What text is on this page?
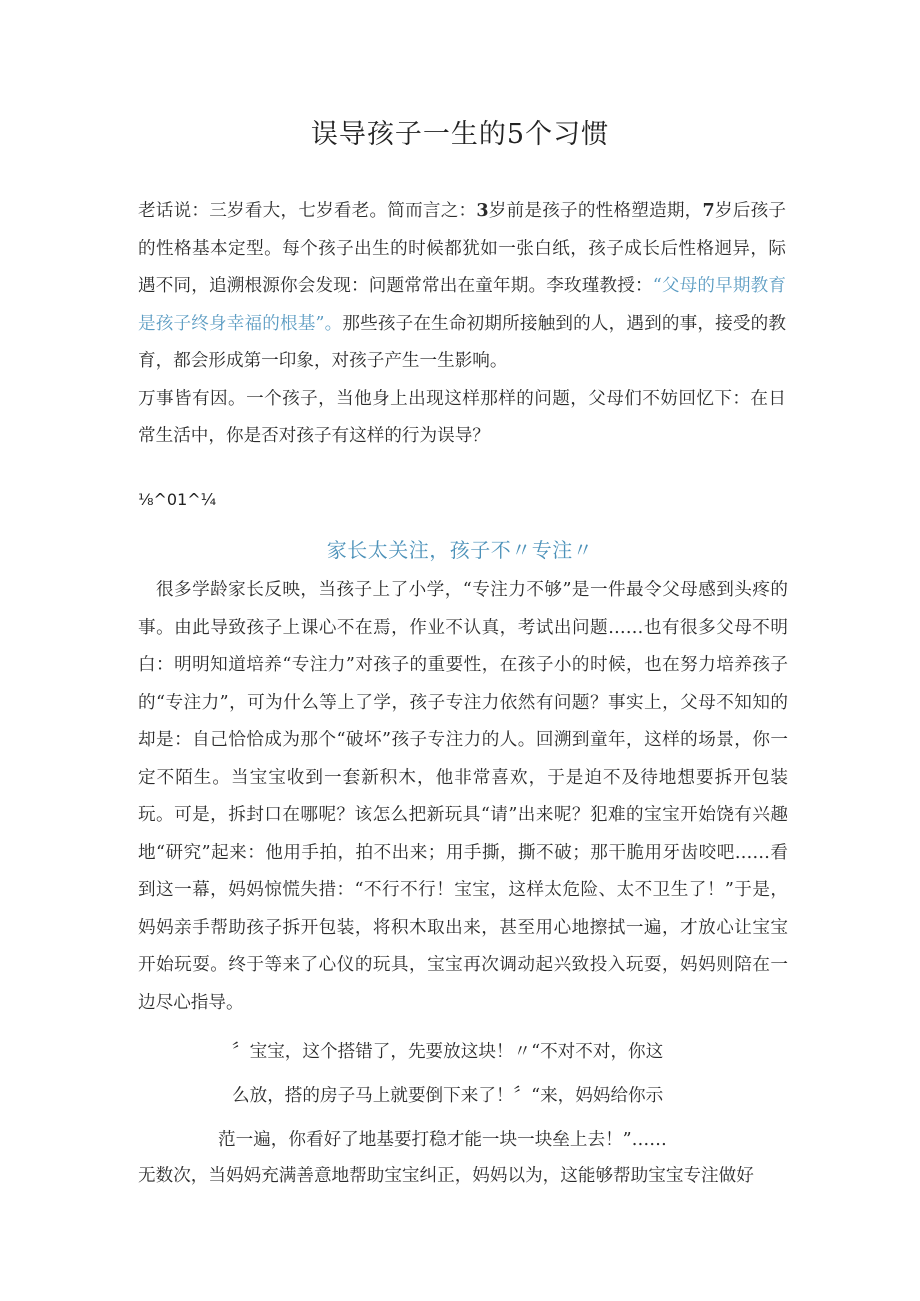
误导孩子一生的5个习惯
老话说：三岁看大，七岁看老。简而言之：3岁前是孩子的性格塑造期，7岁后孩子的性格基本定型。每个孩子出生的时候都犹如一张白纸，孩子成长后性格迥异，际遇不同，追溯根源你会发现：问题常常出在童年期。李玫瑾教授：“父母的早期教育是孩子终身幸福的根基”。那些孩子在生命初期所接触到的人，遇到的事，接受的教育，都会形成第一印象，对孩子产生一生影响。
万事皆有因。一个孩子，当他身上出现这样那样的问题，父母们不妨回忆下：在日常生活中，你是否对孩子有这样的行为误导？
⅛^01^¼
家长太关注，孩子不〃专注〃
很多学龄家长反映，当孩子上了小学，“专注力不够”是一件最令父母感到头疼的事。由此导致孩子上课心不在焉，作业不认真，考试出问题……也有很多父母不明白：明明知道培养“专注力”对孩子的重要性，在孩子小的时候，也在努力培养孩子的“专注力”，可为什么等上了学，孩子专注力依然有问题？事实上，父母不知知的却是：自己恰恰成为那个“破坏”孩子专注力的人。回溯到童年，这样的场景，你一定不陌生。当宝宝收到一套新积木，他非常喜欢，于是迫不及待地想要拆开包装玩。可是，拆封口在哪呢？该怎么把新玩具“请”出来呢？犯难的宝宝开始饶有兴趣地“研究”起来：他用手拍，拍不出来；用手撕，撕不破；那干脆用牙齿咬吧……看到这一幕，妈妈惊慌失措：“不行不行！宝宝，这样太危险、太不卫生了！”于是，妈妈亲手帮助孩子拆开包装，将积木取出来，甚至用心地擦拭一遍，才放心让宝宝开始玩耍。终于等来了心仪的玩具，宝宝再次调动起兴致投入玩耍，妈妈则陪在一边尽心指导。
〞宝宝，这个搭错了，先要放这块！〃“不对不对，你这
么放，搭的房子马上就要倒下来了！〞“来，妈妈给你示
范一遍，你看好了地基要打稳才能一块一块垒上去！”……
无数次，当妈妈充满善意地帮助宝宝纠正，妈妈以为，这能够帮助宝宝专注做好
